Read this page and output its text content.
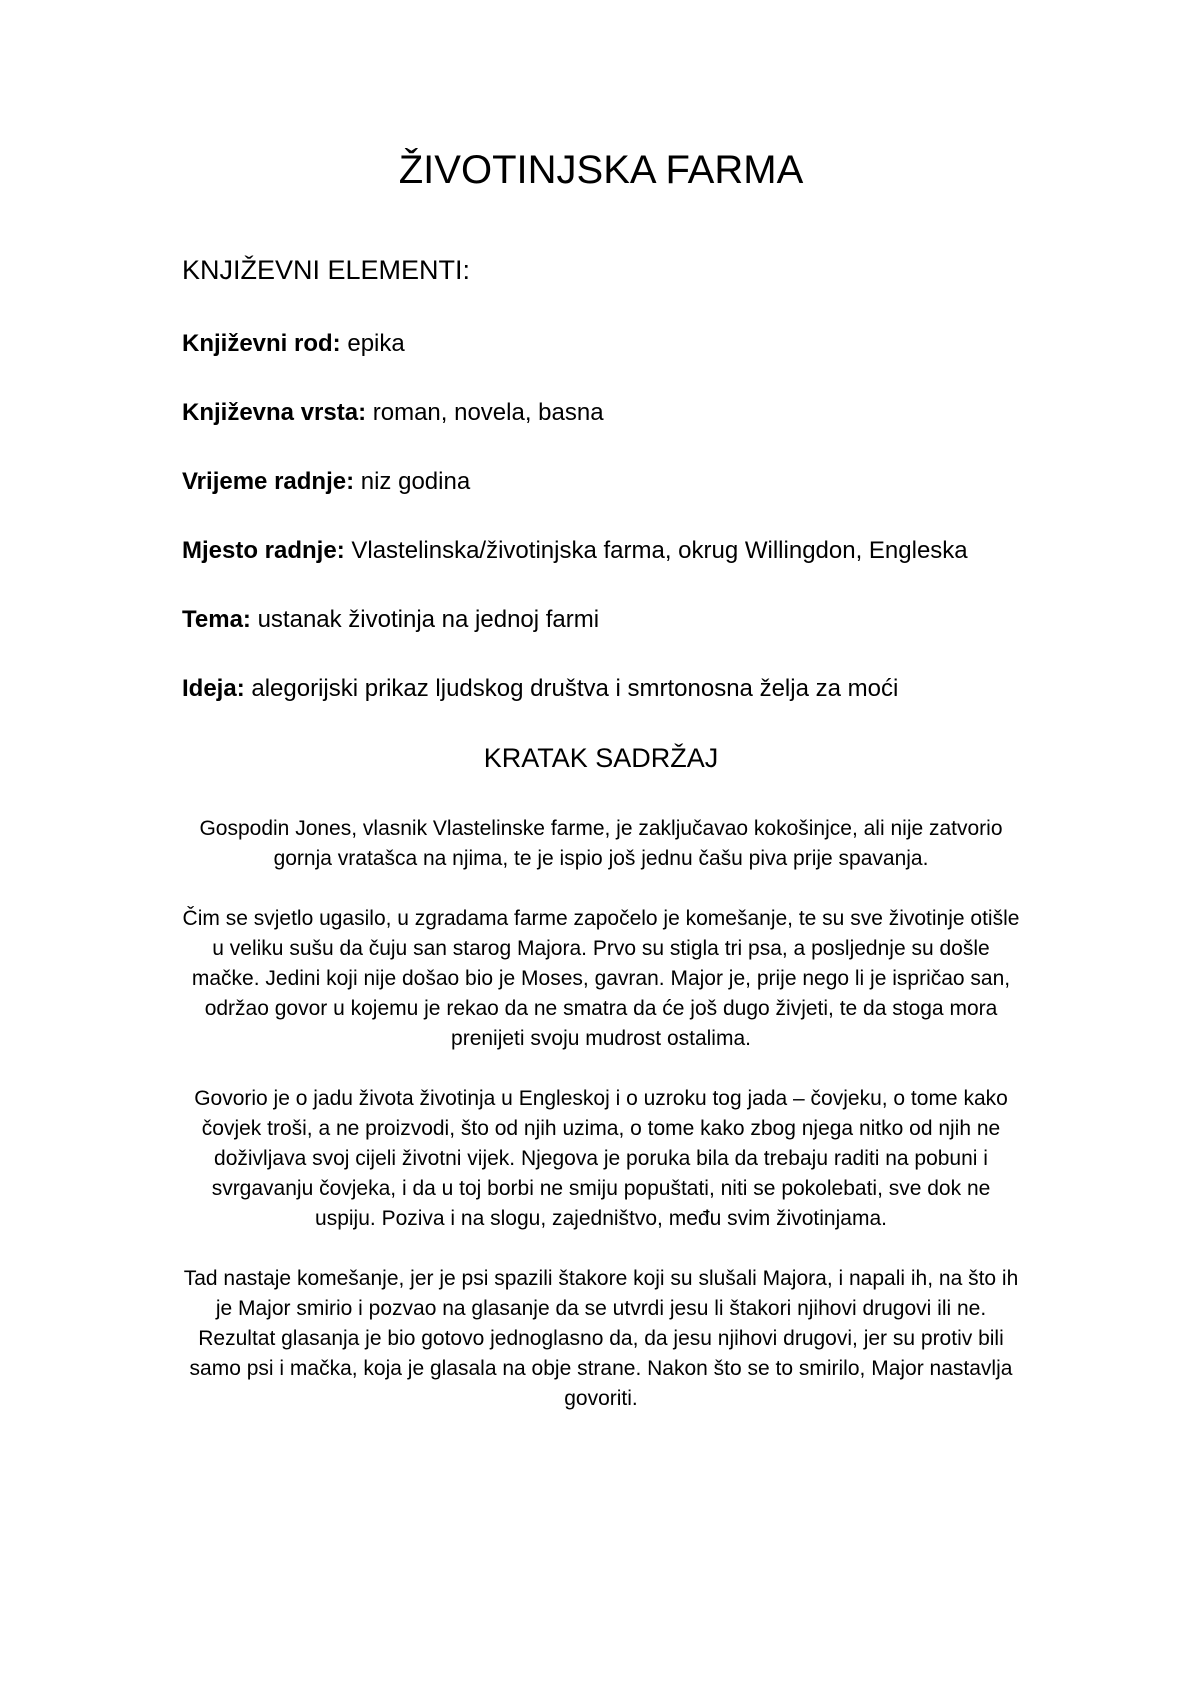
ŽIVOTINJSKA FARMA
KNJIŽEVNI ELEMENTI:

Književni rod: epika

Književna vrsta: roman, novela, basna

Vrijeme radnje: niz godina

Mjesto radnje: Vlastelinska/životinjska farma, okrug Willingdon, Engleska

Tema: ustanak životinja na jednoj farmi

Ideja: alegorijski prikaz ljudskog društva i smrtonosna želja za moći

KRATAK SADRŽAJ

Gospodin Jones, vlasnik Vlastelinske farme, je zaključavao kokošinjce, ali nije zatvorio gornja vratašca na njima, te je ispio još jednu čašu piva prije spavanja.

Čim se svjetlo ugasilo, u zgradama farme započelo je komešanje, te su sve životinje otišle u veliku sušu da čuju san starog Majora. Prvo su stigla tri psa, a posljednje su došle mačke. Jedini koji nije došao bio je Moses, gavran. Major je, prije nego li je ispričao san, održao govor u kojemu je rekao da ne smatra da će još dugo živjeti, te da stoga mora prenijeti svoju mudrost ostalima.

Govorio je o jadu života životinja u Engleskoj i o uzroku tog jada – čovjeku, o tome kako čovjek troši, a ne proizvodi, što od njih uzima, o tome kako zbog njega nitko od njih ne doživljava svoj cijeli životni vijek. Njegova je poruka bila da trebaju raditi na pobuni i svrgavanju čovjeka, i da u toj borbi ne smiju popuštati, niti se pokolebati, sve dok ne uspiju. Poziva i na slogu, zajedništvo, među svim životinjama.

Tad nastaje komešanje, jer je psi spazili štakore koji su slušali Majora, i napali ih, na što ih je Major smirio i pozvao na glasanje da se utvrdi jesu li štakori njihovi drugovi ili ne. Rezultat glasanja je bio gotovo jednoglasno da, da jesu njihovi drugovi, jer su protiv bili samo psi i mačka, koja je glasala na obje strane. Nakon što se to smirilo, Major nastavlja govoriti.
